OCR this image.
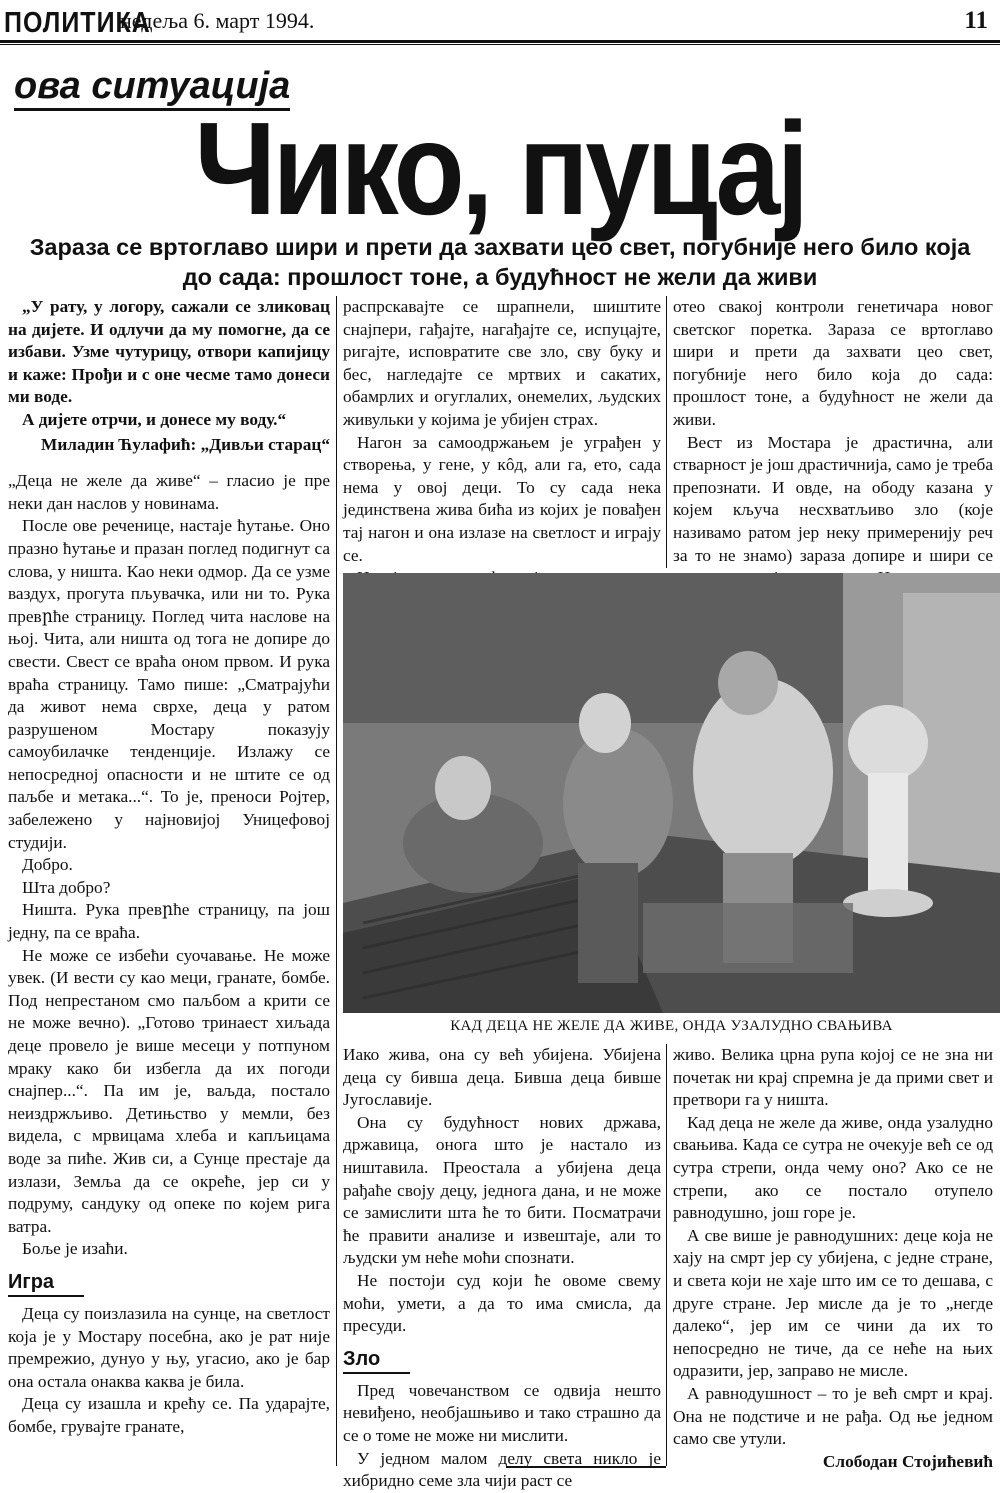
ПОЛИТИКА
недеља 6. март 1994.	11
ова ситуација
Чико, пуцај
Зараза се вртоглаво шири и прети да захвати цео свет, погубније него било која
до сада: прошлост тоне, а будућност не жели да живи

„У рату, у логору, сажали се зликовац на дијете. И одлучи да му помогне, да се избави. Узме чутурицу, отвори капијицу и каже: Прођи и с оне чесме тамо донеси ми воде.

А дијете отрчи, и донесе му воду.“

Миладин Ћулафић: „Дивљи старац“

„Деца не желе да живе“ – гласио је пре неки дан наслов у новинама.

После ове реченице, настаје ћутање. Оно празно ћутање и празан поглед подигнут са слова, у ништа. Као неки одмор. Да се узме ваздух, прогута пљувачка, или ни то. Рука превրће страницу. Поглед чита наслове на њој. Чита, али ништа од тога не допире до свести. Свест се враћа оном првом. И рука враћа страницу. Тамо пише: „Сматрајући да живот нема сврхе, деца у ратом разрушеном Мостару показују самоубилачке тенденције. Излажу се непосредној опасности и не штите се од паљбе и метака...“. То је, преноси Ројтер, забележено у најновијој Уницефовој студији.

Добро.

Шта добро?

Ништа. Рука превրће страницу, па још једну, па се враћа.

Не може се избећи суочавање. Не може увек. (И вести су као мeци, гранате, бомбе. Под непрестаном смо паљбом а крити се не може вечно). „Готово тринаест хиљада деце провело је више месеци у потпуном мраку како би избегла да их погоди снајпер...“. Па им је, ваљда, постало неиздржљиво. Детињство у мемли, без видела, с мрвицама хлеба и капљицама воде за пиће. Жив си, а Сунце престаје да излази, Земља да се окреће, јер си у подруму, сандуку од опеке по којем рига ватра.

Боље је изаћи.

Игра

Деца су поизлазила на сунце, на светлост која је у Мостару посебна, ако је рат није премрежио, дунуо у њу, угасио, ако је бар она остала онаква каква је била.

Деца су изашла и крећу се. Па ударајте, бомбе, грувајте гранате,

распрскавајте се шрапнели, шиштите снајпери, гађајте, нагађајте се, испуцајте, ригајте, исповратите све зло, сву буку и бес, нагледајте се мртвих и сакатих, обамрлих и огуглалих, онемелих, људских живульки у којима је убијен страх.

Нагон за самоодржањем је уграђен у створења, у гене, у кôд, али га, ето, сада нема у овој деци. То су сада нека јединствена жива бића из којих је повађен тај нагон и она излазе на светлост и играју се.

отео свакој контроли генетичара новог светског поретка. Зараза се вртоглаво шири и прети да захвати цео свет, погубније него било која до сада: прошлост тоне, а будућност не жели да живи.

Вест из Мостара је драстична, али стварност је још драстичнија, само је треба препознати. И овде, на ободу казана у којем кључа несхватљиво зло (које називамо ратом јер неку примеренију реч за то не знамо) зараза допире и шири се

КАД ДЕЦА НЕ ЖЕЛЕ ДА ЖИВЕ, ОНДА УЗАЛУДНО СВАЊИВА

Иако жива, она су већ убијена. Убијена деца су бивша деца. Бивша деца бивше Југославије.

Она су будућност нових држава, државица, онога што је настало из ништавила. Преостала а убијена деца рађаће своју децу, једнога дана, и не може се замислити шта ће то бити. Посматрачи ће правити анализе и извештаје, али то људски ум неће моћи спознати.

Не постоји суд који ће овоме свему моћи, умети, а да то има смисла, да пресуди.

Зло

Пред човечанством се одвија нешто невиђено, необјашњиво и тако страшно да се о томе не може ни мислити.

У једном малом делу света никло је хибридно семе зла чији раст се

живо. Велика црна рупа којој се не зна ни почетак ни крај спремна је да прими свет и претвори га у ништа.

Кад деца не желе да живе, онда узалудно свањива. Када се сутра не очекује већ се од сутра стрепи, онда чему оно? Ако се не стрепи, ако се постало отупело равнодушно, још горе је.

А све више је равнодушних: деце која не хају на смрт јер су убијена, с једне стране, и света који не хаје што им се то дешава, с друге стране. Јер мисле да је то „негде далеко“, јер им се чини да их то непосредно не тиче, да се неће на њих одразити, јер, заправо не мисле.

А равнодушност – то је већ смрт и крај. Она не подстиче и не рађа. Од ње једном само све утули.

Слободан Стојићевић
